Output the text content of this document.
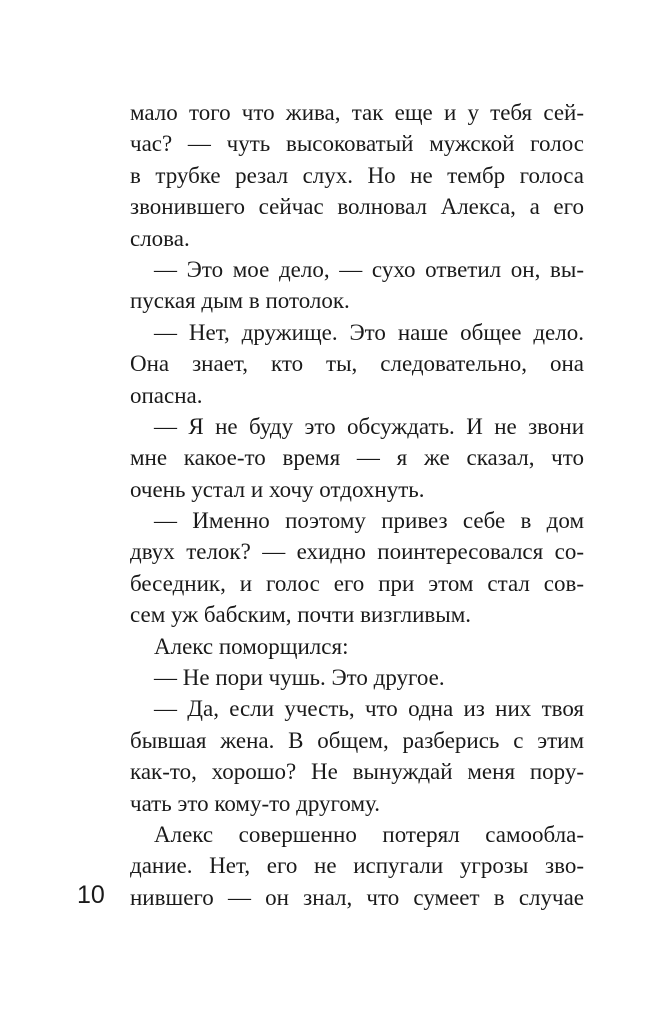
мало того что жива, так еще и у тебя сей-
час? — чуть высоковатый мужской голос
в трубке резал слух. Но не тембр голоса
звонившего сейчас волновал Алекса, а его
слова.
— Это мое дело, — сухо ответил он, вы-
пуская дым в потолок.
— Нет, дружище. Это наше общее дело.
Она знает, кто ты, следовательно, она
опасна.
— Я не буду это обсуждать. И не звони
мне какое-то время — я же сказал, что
очень устал и хочу отдохнуть.
— Именно поэтому привез себе в дом
двух телок? — ехидно поинтересовался со-
беседник, и голос его при этом стал сов-
сем уж бабским, почти визгливым.
Алекс поморщился:
— Не пори чушь. Это другое.
— Да, если учесть, что одна из них твоя
бывшая жена. В общем, разберись с этим
как-то, хорошо? Не вынуждай меня пору-
чать это кому-то другому.
Алекс совершенно потерял самообла-
дание. Нет, его не испугали угрозы зво-
нившего — он знал, что сумеет в случае
10
